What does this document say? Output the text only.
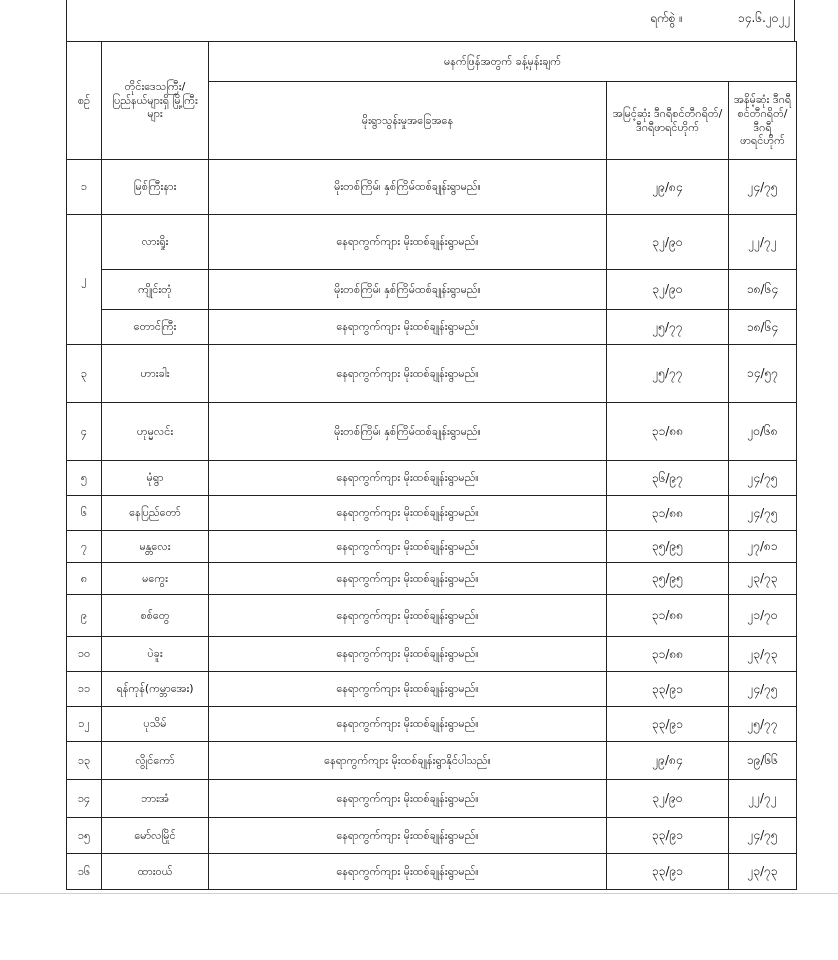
ရက်စွဲ ။	၁၄.၆.၂၀၂၂
စဉ်	တိုင်းဒေသကြီး/ ပြည်နယ်များရှိ မြို့ကြီးများ	မနက်ဖြန်အတွက် ခန့်မှန်းချက်		
		မိုးရွာသွန်းမှုအခြေအနေ	အမြင့်ဆုံး ဒီဂရီစင်တီဂရိတ်/ ဒီဂရီဖာရင်ဟိုက်	အနိမ့်ဆုံး ဒီဂရီစင်တီဂရိတ်/ ဒီဂရီဖာရင်ဟိုက်
၁	မြစ်ကြီးနား	မိုးတစ်ကြိမ်၊ နှစ်ကြိမ်ထစ်ချုန်းရွာမည်။	၂၉/၈၄	၂၄/၇၅
၂	လားရှိုး	နေရာကွက်ကျား မိုးထစ်ချုန်းရွာမည်။	၃၂/၉၀	၂၂/၇၂
	ကျိုင်းတုံ	မိုးတစ်ကြိမ်၊ နှစ်ကြိမ်ထစ်ချုန်းရွာမည်။	၃၂/၉၀	၁၈/၆၄
	တောင်ကြီး	နေရာကွက်ကျား မိုးထစ်ချုန်းရွာမည်။	၂၅/၇၇	၁၈/၆၄
၃	ဟားခါး	နေရာကွက်ကျား မိုးထစ်ချုန်းရွာမည်။	၂၅/၇၇	၁၄/၅၇
၄	ဟုမ္မလင်း	မိုးတစ်ကြိမ်၊ နှစ်ကြိမ်ထစ်ချုန်းရွာမည်။	၃၁/၈၈	၂၀/၆၈
၅	မုံရွာ	နေရာကွက်ကျား မိုးထစ်ချုန်းရွာမည်။	၃၆/၉၇	၂၄/၇၅
၆	နေပြည်တော်	နေရာကွက်ကျား မိုးထစ်ချုန်းရွာမည်။	၃၁/၈၈	၂၄/၇၅
၇	မန္တလေး	နေရာကွက်ကျား မိုးထစ်ချုန်းရွာမည်။	၃၅/၉၅	၂၇/၈၁
၈	မကွေး	နေရာကွက်ကျား မိုးထစ်ချုန်းရွာမည်။	၃၅/၉၅	၂၃/၇၃
၉	စစ်တွေ	နေရာကွက်ကျား မိုးထစ်ချုန်းရွာမည်။	၃၁/၈၈	၂၁/၇၀
၁၀	ပဲခူး	နေရာကွက်ကျား မိုးထစ်ချုန်းရွာမည်။	၃၁/၈၈	၂၃/၇၃
၁၁	ရန်ကုန်(ကမ္ဘာအေး)	နေရာကွက်ကျား မိုးထစ်ချုန်းရွာမည်။	၃၃/၉၁	၂၄/၇၅
၁၂	ပုသိမ်	နေရာကွက်ကျား မိုးထစ်ချုန်းရွာမည်။	၃၃/၉၁	၂၅/၇၇
၁၃	လွိုင်ကော်	နေရာကွက်ကျား မိုးထစ်ချုန်းရွာနိုင်ပါသည်။	၂၉/၈၄	၁၉/၆၆
၁၄	ဘားအံ	နေရာကွက်ကျား မိုးထစ်ချုန်းရွာမည်။	၃၂/၉၀	၂၂/၇၂
၁၅	မော်လမြိုင်	နေရာကွက်ကျား မိုးထစ်ချုန်းရွာမည်။	၃၃/၉၁	၂၄/၇၅
၁၆	ထားဝယ်	နေရာကွက်ကျား မိုးထစ်ချုန်းရွာမည်။	၃၃/၉၁	၂၃/၇၃
